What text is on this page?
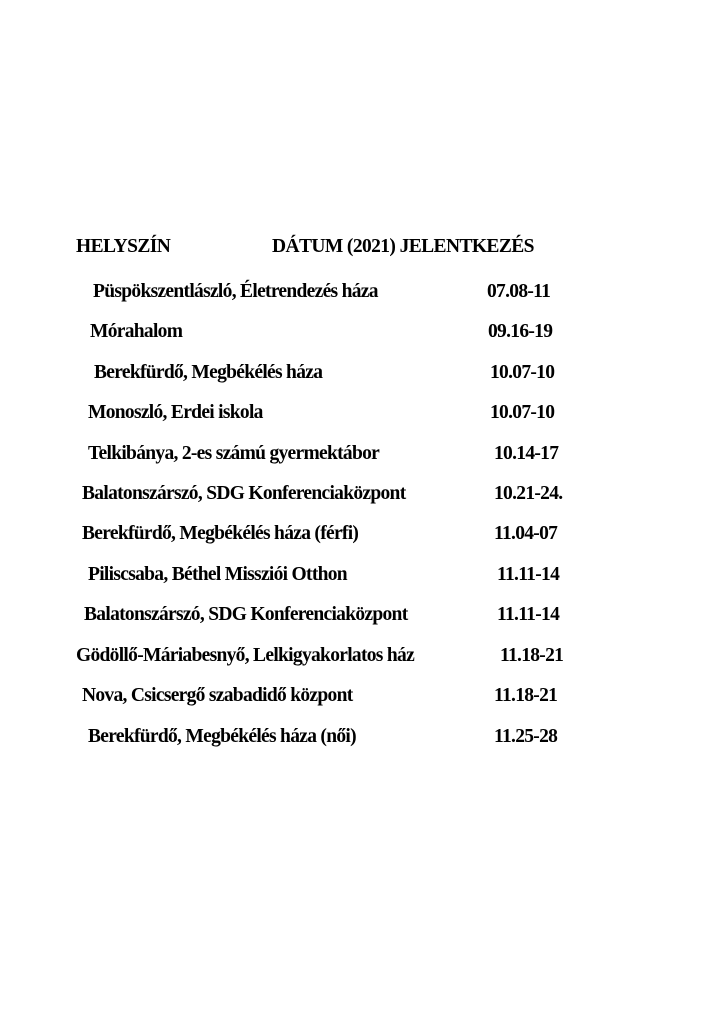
HELYSZÍN	DÁTUM (2021) JELENTKEZÉS
Püspökszentlászló, Életrendezés háza	07.08-11
Mórahalom	09.16-19
Berekfürdő, Megbékélés háza	10.07-10
Monoszló, Erdei iskola	10.07-10
Telkibánya, 2-es számú gyermektábor	10.14-17
Balatonszárszó, SDG Konferenciaközpont	10.21-24.
Berekfürdő, Megbékélés háza (férfi)	11.04-07
Piliscsaba, Béthel Missziói Otthon	11.11-14
Balatonszárszó, SDG Konferenciaközpont	11.11-14
Gödöllő-Máriabesnyő, Lelkigyakorlatos ház	11.18-21
Nova, Csicsergő szabadidő központ	11.18-21
Berekfürdő, Megbékélés háza (női)	11.25-28
